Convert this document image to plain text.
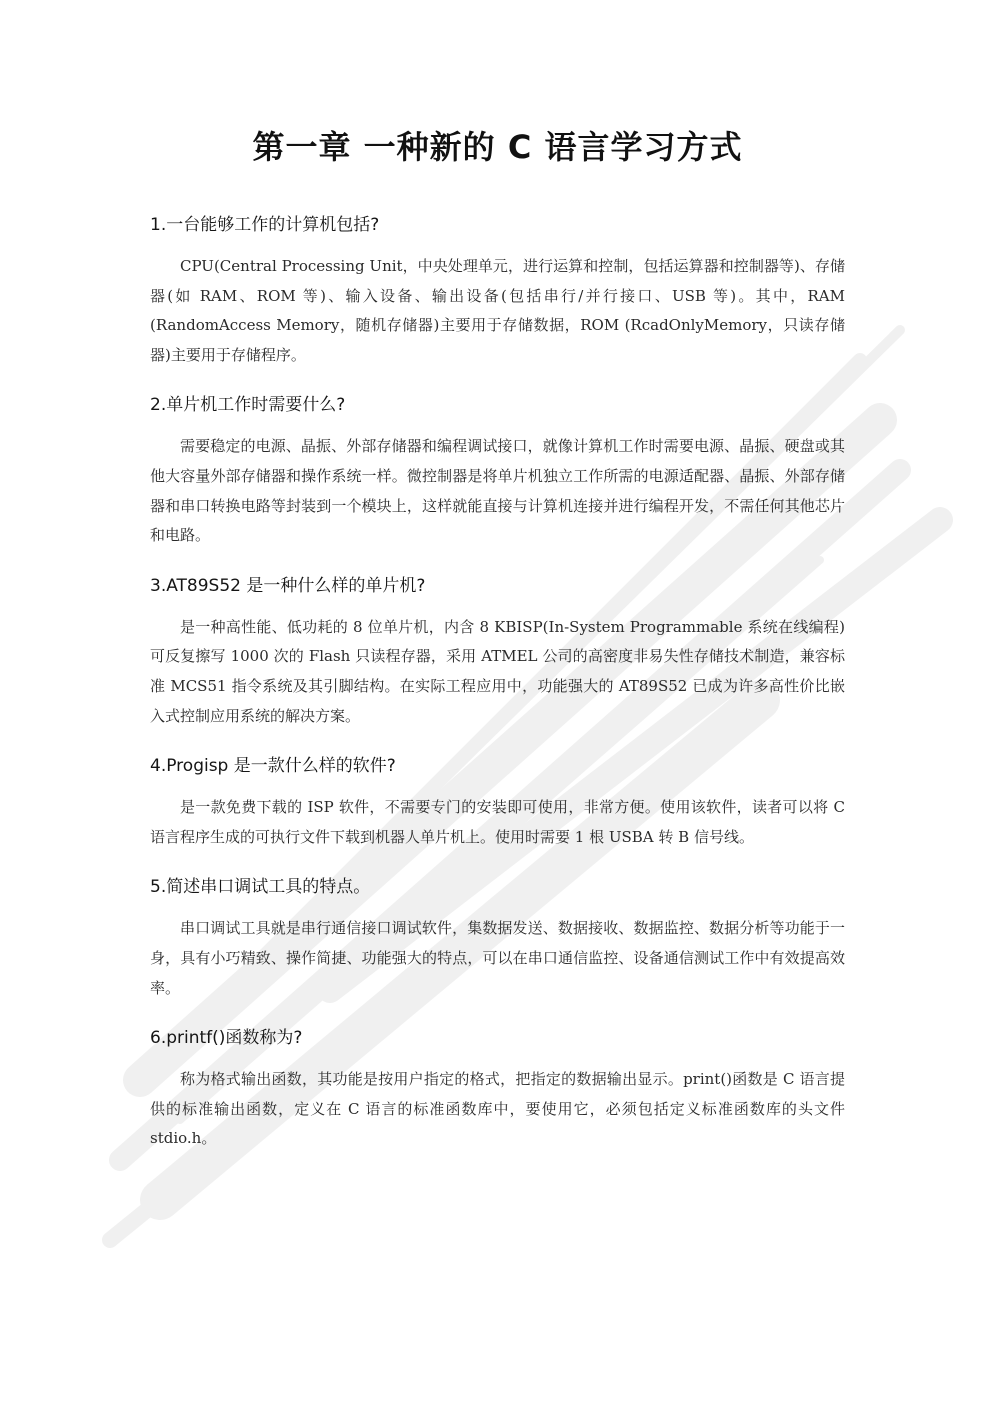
第一章 一种新的 C 语言学习方式
1.一台能够工作的计算机包括?

CPU(Central Processing Unit，中央处理单元，进行运算和控制，包括运算器和控制器等)、存储器(如 RAM、ROM 等)、输入设备、输出设备(包括串行/并行接口、USB 等)。其中，RAM (RandomAccess Memory，随机存储器)主要用于存储数据，ROM (RcadOnlyMemory，只读存储器)主要用于存储程序。

2.单片机工作时需要什么?

需要稳定的电源、晶振、外部存储器和编程调试接口，就像计算机工作时需要电源、晶振、硬盘或其他大容量外部存储器和操作系统一样。微控制器是将单片机独立工作所需的电源适配器、晶振、外部存储器和串口转换电路等封装到一个模块上，这样就能直接与计算机连接并进行编程开发，不需任何其他芯片和电路。

3.AT89S52 是一种什么样的单片机?

是一种高性能、低功耗的 8 位单片机，内含 8 KBISP(In-System Programmable 系统在线编程)可反复擦写 1000 次的 Flash 只读程存器，采用 ATMEL 公司的高密度非易失性存储技术制造，兼容标准 MCS51 指令系统及其引脚结构。在实际工程应用中，功能强大的 AT89S52 已成为许多高性价比嵌入式控制应用系统的解决方案。

4.Progisp 是一款什么样的软件?

是一款免费下载的 ISP 软件，不需要专门的安装即可使用，非常方便。使用该软件，读者可以将 C 语言程序生成的可执行文件下载到机器人单片机上。使用时需要 1 根 USBA 转 B 信号线。

5.简述串口调试工具的特点。

串口调试工具就是串行通信接口调试软件，集数据发送、数据接收、数据监控、数据分析等功能于一身，具有小巧精致、操作简捷、功能强大的特点，可以在串口通信监控、设备通信测试工作中有效提高效率。

6.printf()函数称为?

称为格式输出函数，其功能是按用户指定的格式，把指定的数据输出显示。print()函数是 C 语言提供的标准输出函数，定义在 C 语言的标准函数库中，要使用它，必须包括定义标准函数库的头文件 stdio.h。
